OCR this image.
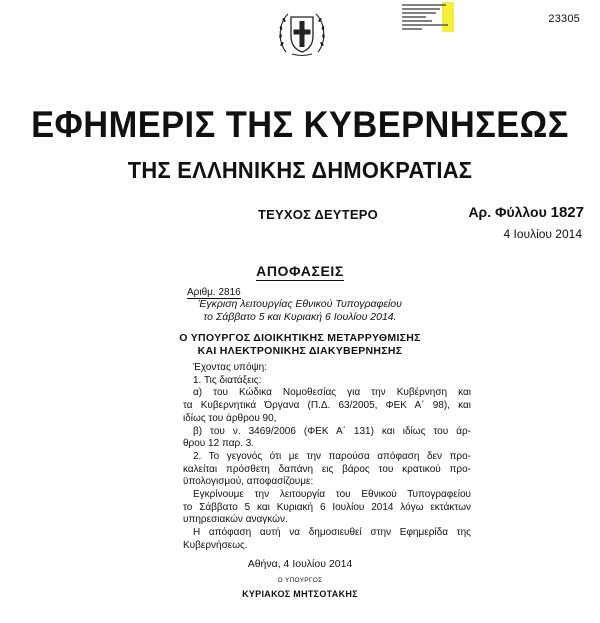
23305
ΕΦΗΜΕΡΙΣ ΤΗΣ ΚΥΒΕΡΝΗΣΕΩΣ
ΤΗΣ ΕΛΛΗΝΙΚΗΣ ΔΗΜΟΚΡΑΤΙΑΣ
ΤΕΥΧΟΣ ΔΕΥΤΕΡΟ	Αρ. Φύλλου 1827
4 Ιουλίου 2014
ΑΠΟΦΑΣΕΙΣ
Αριθμ. 2816
Έγκριση λειτουργίας Εθνικού Τυπογραφείου
το Σάββατο 5 και Κυριακή 6 Ιουλίου 2014.
Ο ΥΠΟΥΡΓΟΣ ΔΙΟΙΚΗΤΙΚΗΣ ΜΕΤΑΡΡΥΘΜΙΣΗΣ
ΚΑΙ ΗΛΕΚΤΡΟΝΙΚΗΣ ΔΙΑΚΥΒΕΡΝΗΣΗΣ

Έχοντας υπόψη:

1. Τις διατάξεις:

α) του Κώδικα Νομοθεσίας για την Κυβέρνηση και

τα Κυβερνητικά Όργανα (Π.Δ. 63/2005, ΦΕΚ Α΄ 98), και

ιδίως του άρθρου 90,

β) του ν. 3469/2006 (ΦΕΚ Α΄ 131) και ιδίως του άρ-

θρου 12 παρ. 3.

2. Το γεγονός ότι με την παρούσα απόφαση δεν προ-

καλείται πρόσθετη δαπάνη εις βάρος του κρατικού προ-

ϋπολογισμού, αποφασίζουμε:

Εγκρίνουμε την λειτουργία του Εθνικού Τυπογραφείου

το Σάββατο 5 και Κυριακή 6 Ιουλίου 2014 λόγω εκτάκτων

υπηρεσιακών αναγκών.

Η απόφαση αυτή να δημοσιευθεί στην Εφημερίδα της

Κυβερνήσεως.

Αθήνα, 4 Ιουλίου 2014
Ο ΥΠΟΥΡΓΟΣ
ΚΥΡΙΑΚΟΣ ΜΗΤΣΟΤΑΚΗΣ
